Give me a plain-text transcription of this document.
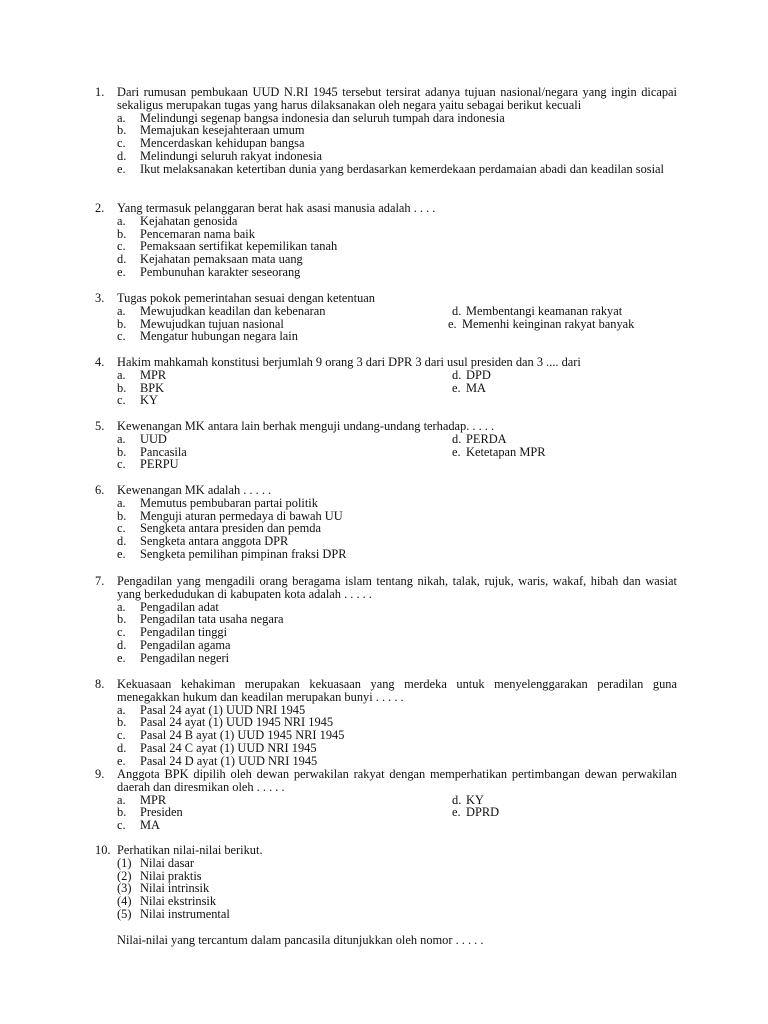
1.	Dari rumusan pembukaan UUD N.RI 1945 tersebut tersirat adanya tujuan nasional/negara yang ingin dicapai sekaligus merupakan tugas yang harus dilaksanakan oleh negara yaitu sebagai berikut kecuali
a.	Melindungi segenap bangsa indonesia dan seluruh tumpah dara indonesia
b.	Memajukan kesejahteraan umum
c.	Mencerdaskan kehidupan bangsa
d.	Melindungi seluruh rakyat indonesia
e.	Ikut melaksanakan ketertiban dunia yang berdasarkan kemerdekaan perdamaian abadi dan keadilan sosial
2.	Yang termasuk pelanggaran berat hak asasi manusia adalah . . . .
a.	Kejahatan genosida
b.	Pencemaran nama baik
c.	Pemaksaan sertifikat kepemilikan tanah
d.	Kejahatan pemaksaan mata uang
e.	Pembunuhan karakter seseorang
3.	Tugas pokok pemerintahan sesuai dengan ketentuan
a.	Mewujudkan keadilan dan kebenaran
b.	Mewujudkan tujuan nasional
c.	Mengatur hubungan negara lain
d. Membentangi keamanan rakyat
e. Memenhi keinginan rakyat banyak
4.	Hakim mahkamah konstitusi berjumlah 9 orang 3 dari DPR 3 dari usul presiden dan 3 .... dari
a.	MPR
b.	BPK
c.	KY
d. DPD
e. MA
5.	Kewenangan MK antara lain berhak menguji undang-undang terhadap. . . . .
a.	UUD
b.	Pancasila
c.	PERPU
d. PERDA
e. Ketetapan MPR
6.	Kewenangan MK adalah . . . . .
a.	Memutus pembubaran partai politik
b.	Menguji aturan permedaya di bawah UU
c.	Sengketa antara presiden dan pemda
d.	Sengketa antara anggota DPR
e.	Sengketa pemilihan pimpinan fraksi DPR
7.	Pengadilan yang mengadili orang beragama islam tentang nikah, talak, rujuk, waris, wakaf, hibah dan wasiat yang berkedudukan di kabupaten kota adalah . . . . .
a.	Pengadilan adat
b.	Pengadilan tata usaha negara
c.	Pengadilan tinggi
d.	Pengadilan agama
e.	Pengadilan negeri
8.	Kekuasaan kehakiman merupakan kekuasaan yang merdeka untuk menyelenggarakan peradilan guna menegakkan hukum dan keadilan merupakan bunyi . . . . .
a.	Pasal 24 ayat (1) UUD NRI 1945
b.	Pasal 24 ayat (1) UUD 1945 NRI 1945
c.	Pasal 24 B ayat (1) UUD 1945 NRI 1945
d.	Pasal 24 C ayat (1) UUD NRI 1945
e.	Pasal 24 D ayat (1) UUD NRI 1945
9.	Anggota BPK dipilih oleh dewan perwakilan rakyat dengan memperhatikan pertimbangan dewan perwakilan daerah dan diresmikan oleh . . . . .
a.	MPR
b.	Presiden
c.	MA
d. KY
e. DPRD
10. Perhatikan nilai-nilai berikut.
(1) Nilai dasar
(2) Nilai praktis
(3) Nilai intrinsik
(4) Nilai ekstrinsik
(5) Nilai instrumental
Nilai-nilai yang tercantum dalam pancasila ditunjukkan oleh nomor . . . . .
